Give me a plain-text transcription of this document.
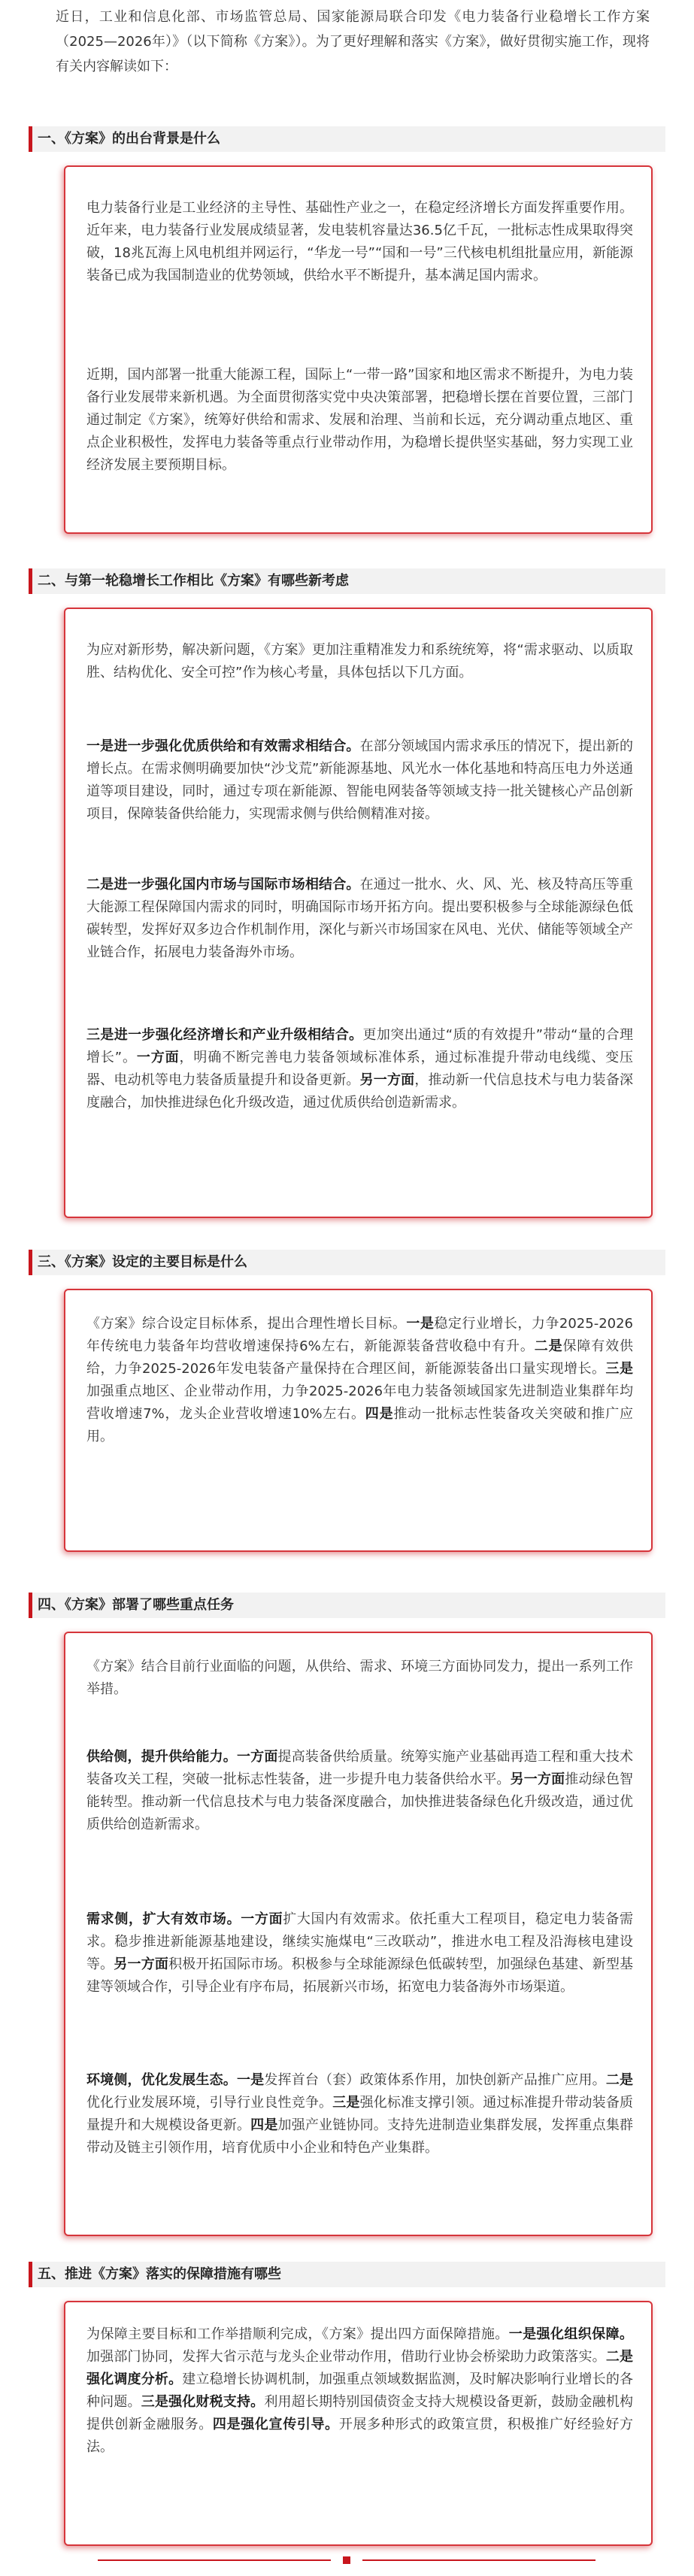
近日，工业和信息化部、市场监管总局、国家能源局联合印发《电力装备行业稳增长工作方案（2025—2026年）》（以下简称《方案》）。为了更好理解和落实《方案》，做好贯彻实施工作，现将有关内容解读如下：

一、《方案》的出台背景是什么

电力装备行业是工业经济的主导性、基础性产业之一，在稳定经济增长方面发挥重要作用。近年来，电力装备行业发展成绩显著，发电装机容量达36.5亿千瓦，一批标志性成果取得突破，18兆瓦海上风电机组并网运行，“华龙一号”“国和一号”三代核电机组批量应用，新能源装备已成为我国制造业的优势领域，供给水平不断提升，基本满足国内需求。

近期，国内部署一批重大能源工程，国际上“一带一路”国家和地区需求不断提升，为电力装备行业发展带来新机遇。为全面贯彻落实党中央决策部署，把稳增长摆在首要位置，三部门通过制定《方案》，统筹好供给和需求、发展和治理、当前和长远，充分调动重点地区、重点企业积极性，发挥电力装备等重点行业带动作用，为稳增长提供坚实基础，努力实现工业经济发展主要预期目标。

二、与第一轮稳增长工作相比《方案》有哪些新考虑

为应对新形势，解决新问题，《方案》更加注重精准发力和系统统筹，将“需求驱动、以质取胜、结构优化、安全可控”作为核心考量，具体包括以下几方面。

一是进一步强化优质供给和有效需求相结合。在部分领域国内需求承压的情况下，提出新的增长点。在需求侧明确要加快“沙戈荒”新能源基地、风光水一体化基地和特高压电力外送通道等项目建设，同时，通过专项在新能源、智能电网装备等领域支持一批关键核心产品创新项目，保障装备供给能力，实现需求侧与供给侧精准对接。

二是进一步强化国内市场与国际市场相结合。在通过一批水、火、风、光、核及特高压等重大能源工程保障国内需求的同时，明确国际市场开拓方向。提出要积极参与全球能源绿色低碳转型，发挥好双多边合作机制作用，深化与新兴市场国家在风电、光伏、储能等领域全产业链合作，拓展电力装备海外市场。

三是进一步强化经济增长和产业升级相结合。更加突出通过“质的有效提升”带动“量的合理增长”。一方面，明确不断完善电力装备领域标准体系，通过标准提升带动电线缆、变压器、电动机等电力装备质量提升和设备更新。另一方面，推动新一代信息技术与电力装备深度融合，加快推进绿色化升级改造，通过优质供给创造新需求。

三、《方案》设定的主要目标是什么

《方案》综合设定目标体系，提出合理性增长目标。一是稳定行业增长，力争2025-2026年传统电力装备年均营收增速保持6%左右，新能源装备营收稳中有升。二是保障有效供给，力争2025-2026年发电装备产量保持在合理区间，新能源装备出口量实现增长。三是加强重点地区、企业带动作用，力争2025-2026年电力装备领域国家先进制造业集群年均营收增速7%，龙头企业营收增速10%左右。四是推动一批标志性装备攻关突破和推广应用。

四、《方案》部署了哪些重点任务

《方案》结合目前行业面临的问题，从供给、需求、环境三方面协同发力，提出一系列工作举措。

供给侧，提升供给能力。一方面提高装备供给质量。统筹实施产业基础再造工程和重大技术装备攻关工程，突破一批标志性装备，进一步提升电力装备供给水平。另一方面推动绿色智能转型。推动新一代信息技术与电力装备深度融合，加快推进装备绿色化升级改造，通过优质供给创造新需求。

需求侧，扩大有效市场。一方面扩大国内有效需求。依托重大工程项目，稳定电力装备需求。稳步推进新能源基地建设，继续实施煤电“三改联动”，推进水电工程及沿海核电建设等。另一方面积极开拓国际市场。积极参与全球能源绿色低碳转型，加强绿色基建、新型基建等领域合作，引导企业有序布局，拓展新兴市场，拓宽电力装备海外市场渠道。

环境侧，优化发展生态。一是发挥首台（套）政策体系作用，加快创新产品推广应用。二是优化行业发展环境，引导行业良性竞争。三是强化标准支撑引领。通过标准提升带动装备质量提升和大规模设备更新。四是加强产业链协同。支持先进制造业集群发展，发挥重点集群带动及链主引领作用，培育优质中小企业和特色产业集群。

五、推进《方案》落实的保障措施有哪些

为保障主要目标和工作举措顺利完成，《方案》提出四方面保障措施。一是强化组织保障。加强部门协同，发挥大省示范与龙头企业带动作用，借助行业协会桥梁助力政策落实。二是强化调度分析。建立稳增长协调机制，加强重点领域数据监测，及时解决影响行业增长的各种问题。三是强化财税支持。利用超长期特别国债资金支持大规模设备更新，鼓励金融机构提供创新金融服务。四是强化宣传引导。开展多种形式的政策宣贯，积极推广好经验好方法。
